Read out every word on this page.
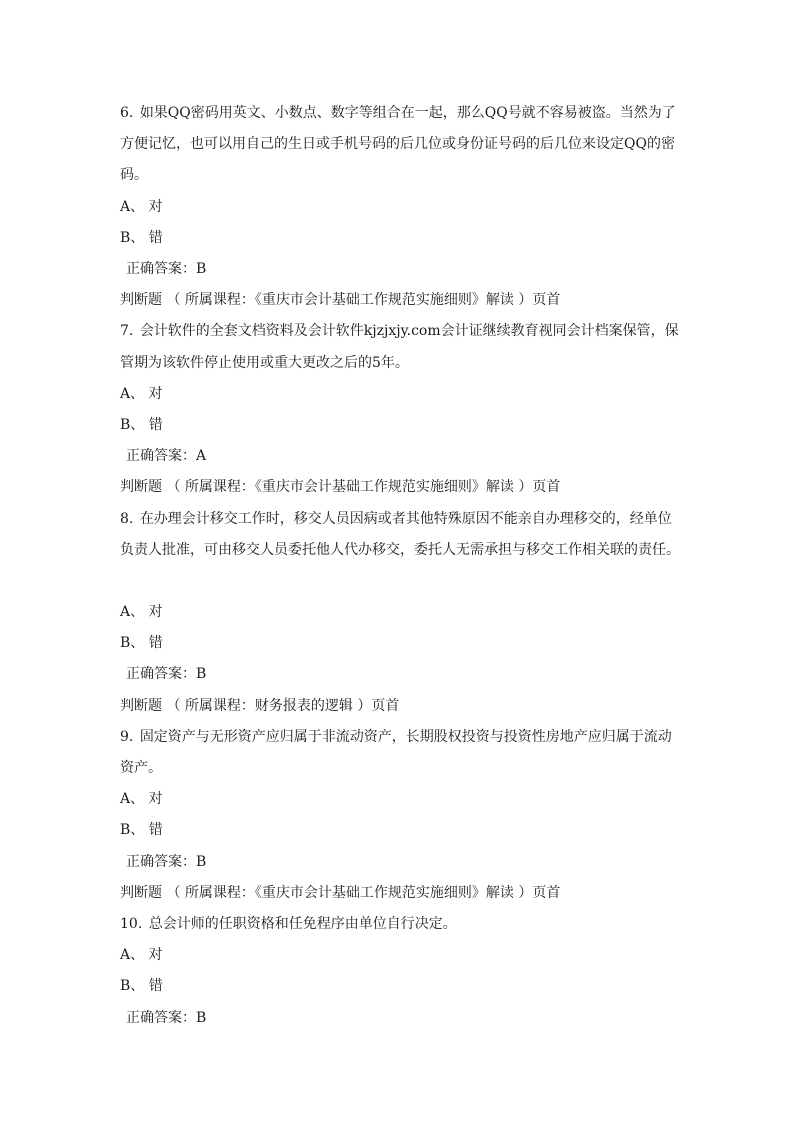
6. 如果QQ密码用英文、小数点、数字等组合在一起，那么QQ号就不容易被盗。当然为了方便记忆，也可以用自己的生日或手机号码的后几位或身份证号码的后几位来设定QQ的密码。

A、 对

B、 错

正确答案：B

判断题 （ 所属课程：《重庆市会计基础工作规范实施细则》解读 ）页首

7. 会计软件的全套文档资料及会计软件kjzjxjy.com会计证继续教育视同会计档案保管，保管期为该软件停止使用或重大更改之后的5年。

A、 对

B、 错

正确答案：A

判断题 （ 所属课程：《重庆市会计基础工作规范实施细则》解读 ）页首

8. 在办理会计移交工作时，移交人员因病或者其他特殊原因不能亲自办理移交的，经单位负责人批准，可由移交人员委托他人代办移交，委托人无需承担与移交工作相关联的责任。

A、 对

B、 错

正确答案：B

判断题 （ 所属课程：财务报表的逻辑 ）页首

9. 固定资产与无形资产应归属于非流动资产，长期股权投资与投资性房地产应归属于流动资产。

A、 对

B、 错

正确答案：B

判断题 （ 所属课程：《重庆市会计基础工作规范实施细则》解读 ）页首

10. 总会计师的任职资格和任免程序由单位自行决定。

A、 对

B、 错

正确答案：B
